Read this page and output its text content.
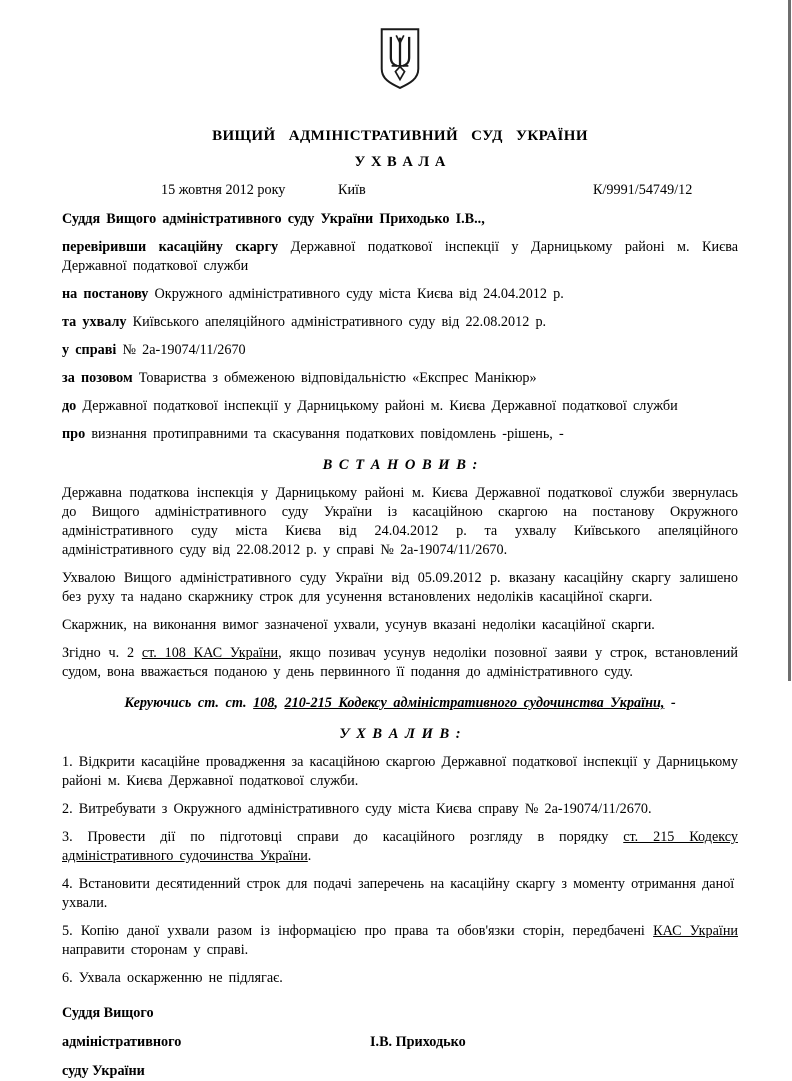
ВИЩИЙ АДМІНІСТРАТИВНИЙ СУД УКРАЇНИ
У Х В А Л А
15 жовтня 2012 року	Київ	К/9991/54749/12

Суддя Вищого адміністративного суду України Приходько І.В..,

перевіривши касаційну скаргу Державної податкової інспекції у Дарницькому районі м. Києва Державної податкової служби

на постанову Окружного адміністративного суду міста Києва від 24.04.2012 р.

та ухвалу Київського апеляційного адміністративного суду від 22.08.2012 р.

у справі № 2а-19074/11/2670

за позовом Товариства з обмеженою відповідальністю «Експрес Манікюр»

до Державної податкової інспекції у Дарницькому районі м. Києва Державної податкової служби

про визнання протиправними та скасування податкових повідомлень -рішень, -

В С Т А Н О В И В :

Державна податкова інспекція у Дарницькому районі м. Києва Державної податкової служби звернулась до Вищого адміністративного суду України із касаційною скаргою на постанову Окружного адміністративного суду міста Києва від 24.04.2012 р. та ухвалу Київського апеляційного адміністративного суду від 22.08.2012 р. у справі № 2а-19074/11/2670.

Ухвалою Вищого адміністративного суду України від 05.09.2012 р. вказану касаційну скаргу залишено без руху та надано скаржнику строк для усунення встановлених недоліків касаційної скарги.

Скаржник, на виконання вимог зазначеної ухвали, усунув вказані недоліки касаційної скарги.

Згідно ч. 2 ст. 108 КАС України, якщо позивач усунув недоліки позовної заяви у строк, встановлений судом, вона вважається поданою у день первинного її подання до адміністративного суду.

Керуючись ст. ст. 108, 210-215 Кодексу адміністративного судочинства України, -
У Х В А Л И В :

1. Відкрити касаційне провадження за касаційною скаргою Державної податкової інспекції у Дарницькому районі м. Києва Державної податкової служби.

2. Витребувати з Окружного адміністративного суду міста Києва справу № 2а-19074/11/2670.

3. Провести дії по підготовці справи до касаційного розгляду в порядку ст. 215 Кодексу адміністративного судочинства України.

4. Встановити десятиденний строк для подачі заперечень на касаційну скаргу з моменту отримання даної ухвали.

5. Копію даної ухвали разом із інформацією про права та обов'язки сторін, передбачені КАС України направити сторонам у справі.

6. Ухвала оскарженню не підлягає.

Суддя Вищого
адміністративного	І.В. Приходько
суду України
